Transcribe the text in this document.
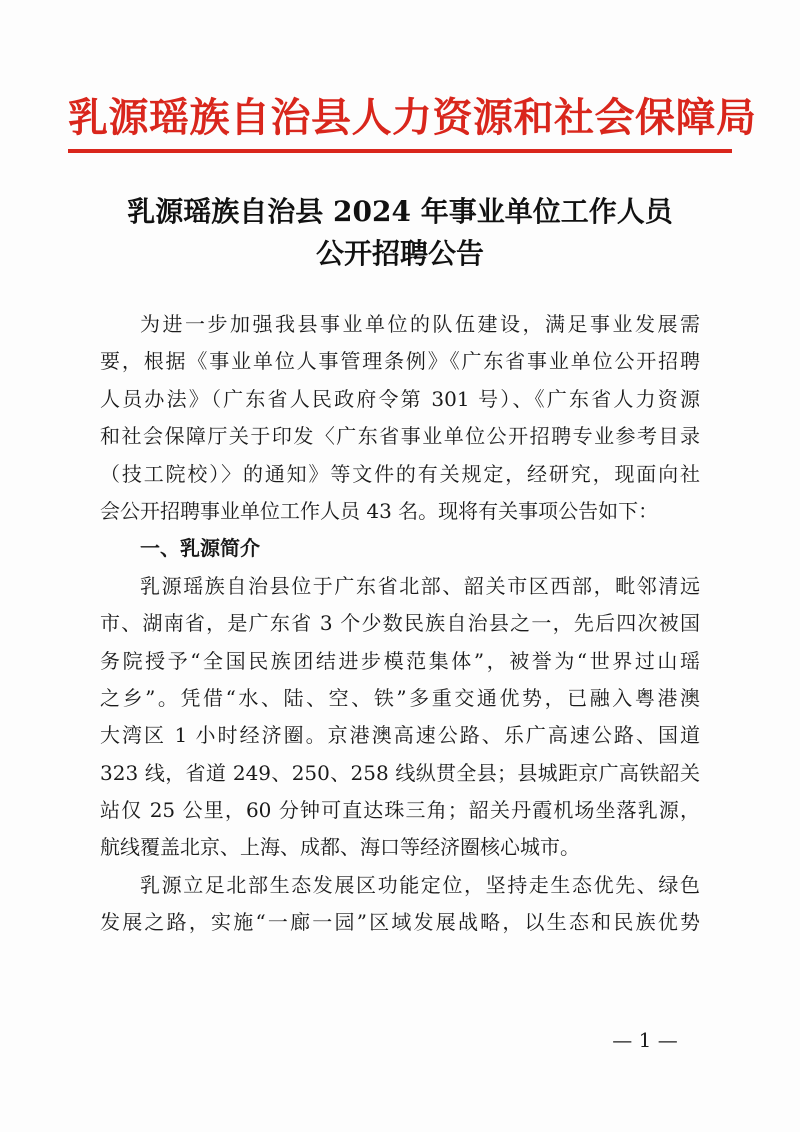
乳源瑶族自治县人力资源和社会保障局
乳源瑶族自治县 2024 年事业单位工作人员
公开招聘公告
为进一步加强我县事业单位的队伍建设，满足事业发展需
要，根据《事业单位人事管理条例》《广东省事业单位公开招聘
人员办法》（广东省人民政府令第 301 号）、《广东省人力资源
和社会保障厅关于印发〈广东省事业单位公开招聘专业参考目录
（技工院校）〉的通知》等文件的有关规定，经研究，现面向社
会公开招聘事业单位工作人员 43 名。现将有关事项公告如下：
一、乳源简介
乳源瑶族自治县位于广东省北部、韶关市区西部，毗邻清远
市、湖南省，是广东省 3 个少数民族自治县之一，先后四次被国
务院授予“全国民族团结进步模范集体”，被誉为“世界过山瑶
之乡”。凭借“水、陆、空、铁”多重交通优势，已融入粤港澳
大湾区 1 小时经济圈。京港澳高速公路、乐广高速公路、国道
323 线，省道 249、250、258 线纵贯全县；县城距京广高铁韶关
站仅 25 公里，60 分钟可直达珠三角；韶关丹霞机场坐落乳源，
航线覆盖北京、上海、成都、海口等经济圈核心城市。
乳源立足北部生态发展区功能定位，坚持走生态优先、绿色
发展之路，实施“一廊一园”区域发展战略，以生态和民族优势
— 1 —
